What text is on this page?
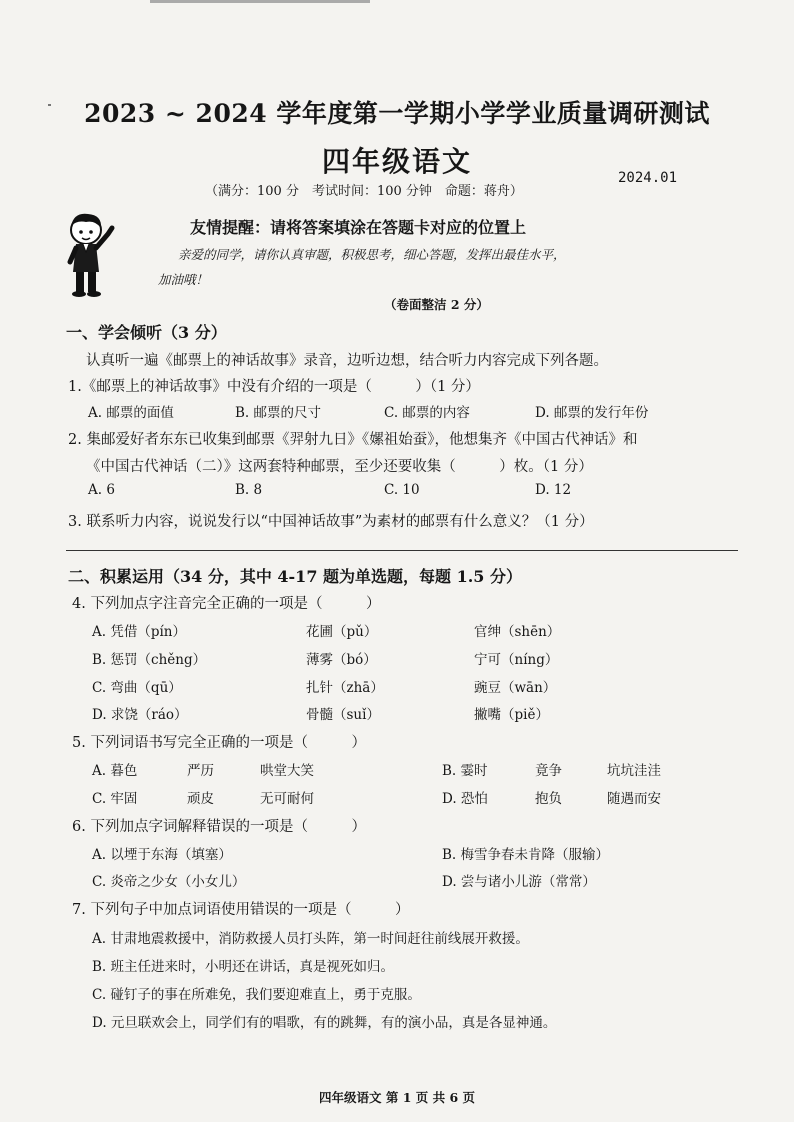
2023 ~ 2024 学年度第一学期小学学业质量调研测试
四年级语文
（满分：100 分　考试时间：100 分钟　命题：蒋舟）
2024.01
友情提醒：请将答案填涂在答题卡对应的位置上
亲爱的同学，请你认真审题，积极思考，细心答题，发挥出最佳水平，
加油哦！
（卷面整洁 2 分）
一、学会倾听（3 分）
认真听一遍《邮票上的神话故事》录音，边听边想，结合听力内容完成下列各题。
1.《邮票上的神话故事》中没有介绍的一项是（　　　）（1 分）
A. 邮票的面值	B. 邮票的尺寸	C. 邮票的内容	D. 邮票的发行年份
2. 集邮爱好者东东已收集到邮票《羿射九日》《嫘祖始蚕》，他想集齐《中国古代神话》和
《中国古代神话（二）》这两套特种邮票，至少还要收集（　　　）枚。（1 分）
A. 6	B. 8	C. 10	D. 12
3. 联系听力内容，说说发行以“中国神话故事”为素材的邮票有什么意义？（1 分）
二、积累运用（34 分，其中 4-17 题为单选题，每题 1.5 分）
4. 下列加点字注音完全正确的一项是（　　　）
A. 凭借（pín）	花圃（pǔ）	官绅（shēn）
B. 惩罚（chěng）	薄雾（bó）	宁可（níng）
C. 弯曲（qū）	扎针（zhā）	豌豆（wān）
D. 求饶（ráo）	骨髓（suǐ）	撇嘴（piě）
5. 下列词语书写完全正确的一项是（　　　）
A. 暮色	严历	哄堂大笑	B. 霎时	竟争	坑坑洼洼
C. 牢固	顽皮	无可耐何	D. 恐怕	抱负	随遇而安
6. 下列加点字词解释错误的一项是（　　　）
A. 以堙于东海（填塞）	B. 梅雪争春未肯降（服输）
C. 炎帝之少女（小女儿）	D. 尝与诸小儿游（常常）
7. 下列句子中加点词语使用错误的一项是（　　　）
A. 甘肃地震救援中，消防救援人员打头阵，第一时间赶往前线展开救援。
B. 班主任进来时，小明还在讲话，真是视死如归。
C. 碰钉子的事在所难免，我们要迎难直上，勇于克服。
D. 元旦联欢会上，同学们有的唱歌，有的跳舞，有的演小品，真是各显神通。
四年级语文 第 1 页 共 6 页
